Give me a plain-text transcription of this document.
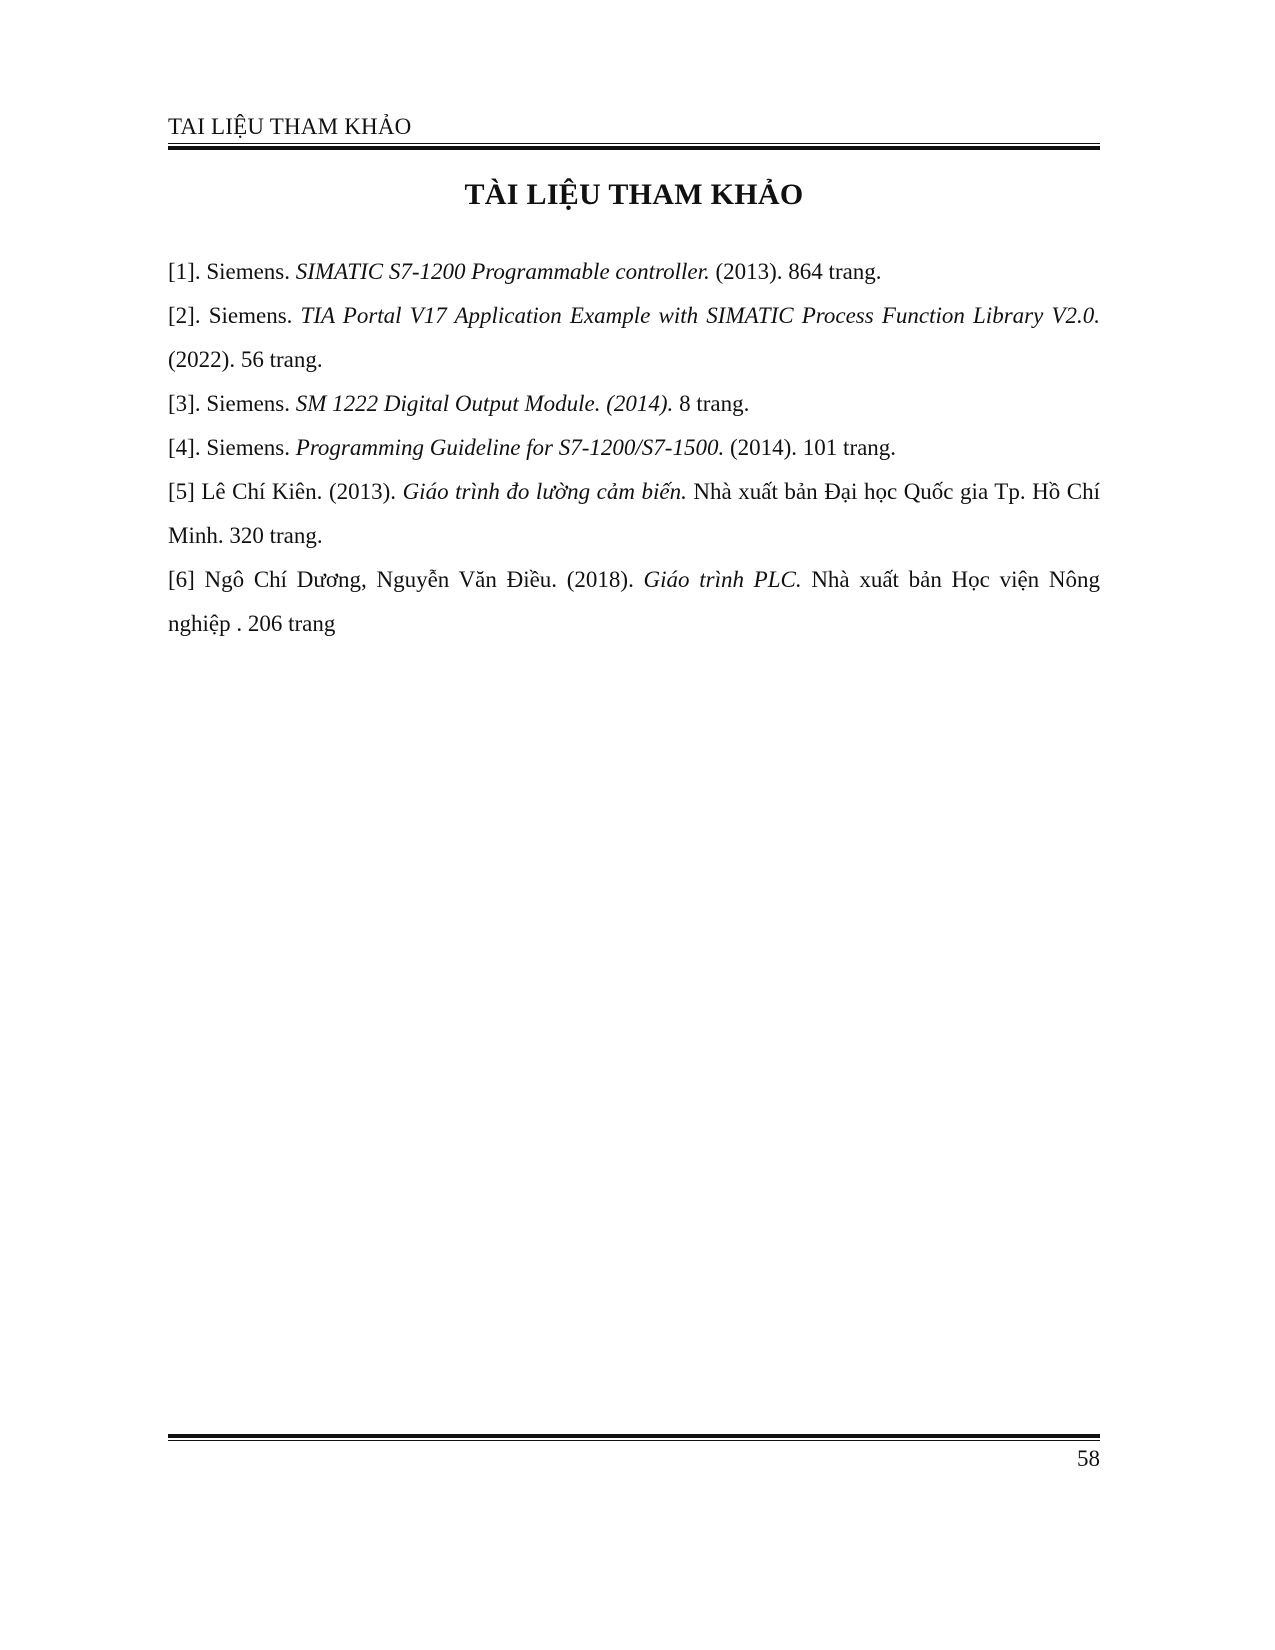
TAI LIỆU THAM KHẢO
TÀI LIỆU THAM KHẢO

[1]. Siemens. SIMATIC S7-1200 Programmable controller. (2013). 864 trang.

[2]. Siemens. TIA Portal V17 Application Example with SIMATIC Process Function Library V2.0. (2022). 56 trang.

[3]. Siemens. SM 1222 Digital Output Module. (2014). 8 trang.

[4]. Siemens. Programming Guideline for S7-1200/S7-1500. (2014). 101 trang.

[5] Lê Chí Kiên. (2013). Giáo trình đo lường cảm biến. Nhà xuất bản Đại học Quốc gia Tp. Hồ Chí Minh. 320 trang.

[6] Ngô Chí Dương, Nguyễn Văn Điều. (2018). Giáo trình PLC. Nhà xuất bản Học viện Nông nghiệp . 206 trang

58
